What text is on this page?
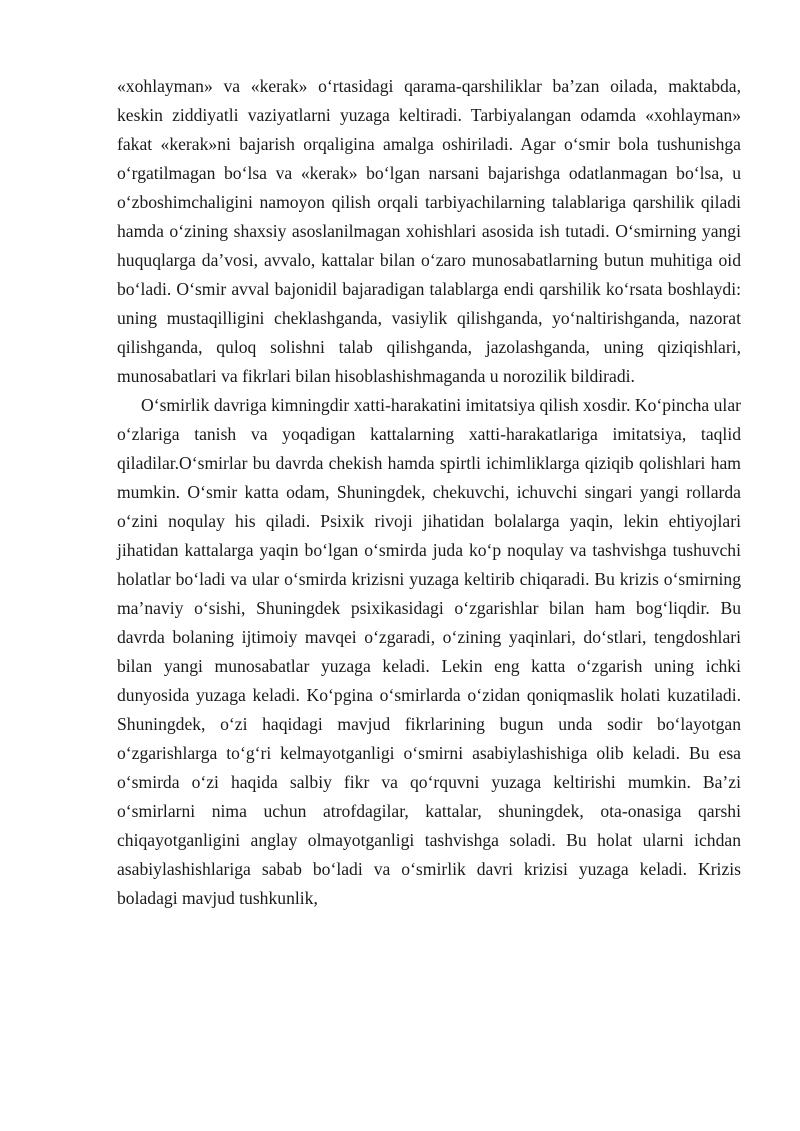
«xohlayman» va «kerak» o‘rtasidagi qarama-qarshiliklar ba’zan oilada, maktabda, keskin ziddiyatli vaziyatlarni yuzaga keltiradi. Tarbiyalangan odamda «xohlayman» fakat «kerak»ni bajarish orqaligina amalga oshiriladi. Agar o‘smir bola tushunishga o‘rgatilmagan bo‘lsa va «kerak» bo‘lgan narsani bajarishga odatlanmagan bo‘lsa, u o‘zboshimchaligini namoyon qilish orqali tarbiyachilarning talablariga qarshilik qiladi hamda o‘zining shaxsiy asoslanilmagan xohishlari asosida ish tutadi. O‘smirning yangi huquqlarga da’vosi, avvalo, kattalar bilan o‘zaro munosabatlarning butun muhitiga oid bo‘ladi. O‘smir avval bajonidil bajaradigan talablarga endi qarshilik ko‘rsata boshlaydi: uning mustaqilligini cheklashganda, vasiylik qilishganda, yo‘naltirishganda, nazorat qilishganda, quloq solishni talab qilishganda, jazolashganda, uning qiziqishlari, munosabatlari va fikrlari bilan hisoblashishmaganda u norozilik bildiradi.

O‘smirlik davriga kimningdir xatti-harakatini imitatsiya qilish xosdir. Ko‘pincha ular o‘zlariga tanish va yoqadigan kattalarning xatti-harakatlariga imitatsiya, taqlid qiladilar.O‘smirlar bu davrda chekish hamda spirtli ichimliklarga qiziqib qolishlari ham mumkin. O‘smir katta odam, Shuningdek, chekuvchi, ichuvchi singari yangi rollarda o‘zini noqulay his qiladi. Psixik rivoji jihatidan bolalarga yaqin, lekin ehtiyojlari jihatidan kattalarga yaqin bo‘lgan o‘smirda juda ko‘p noqulay va tashvishga tushuvchi holatlar bo‘ladi va ular o‘smirda krizisni yuzaga keltirib chiqaradi. Bu krizis o‘smirning ma’naviy o‘sishi, Shuningdek psixikasidagi o‘zgarishlar bilan ham bog‘liqdir. Bu davrda bolaning ijtimoiy mavqei o‘zgaradi, o‘zining yaqinlari, do‘stlari, tengdoshlari bilan yangi munosabatlar yuzaga keladi. Lekin eng katta o‘zgarish uning ichki dunyosida yuzaga keladi. Ko‘pgina o‘smirlarda o‘zidan qoniqmaslik holati kuzatiladi. Shuningdek, o‘zi haqidagi mavjud fikrlarining bugun unda sodir bo‘layotgan o‘zgarishlarga to‘g‘ri kelmayotganligi o‘smirni asabiylashishiga olib keladi. Bu esa o‘smirda o‘zi haqida salbiy fikr va qo‘rquvni yuzaga keltirishi mumkin. Ba’zi o‘smirlarni nima uchun atrofdagilar, kattalar, shuningdek, ota-onasiga qarshi chiqayotganligini anglay olmayotganligi tashvishga soladi. Bu holat ularni ichdan asabiylashishlariga sabab bo‘ladi va o‘smirlik davri krizisi yuzaga keladi. Krizis boladagi mavjud tushkunlik,
